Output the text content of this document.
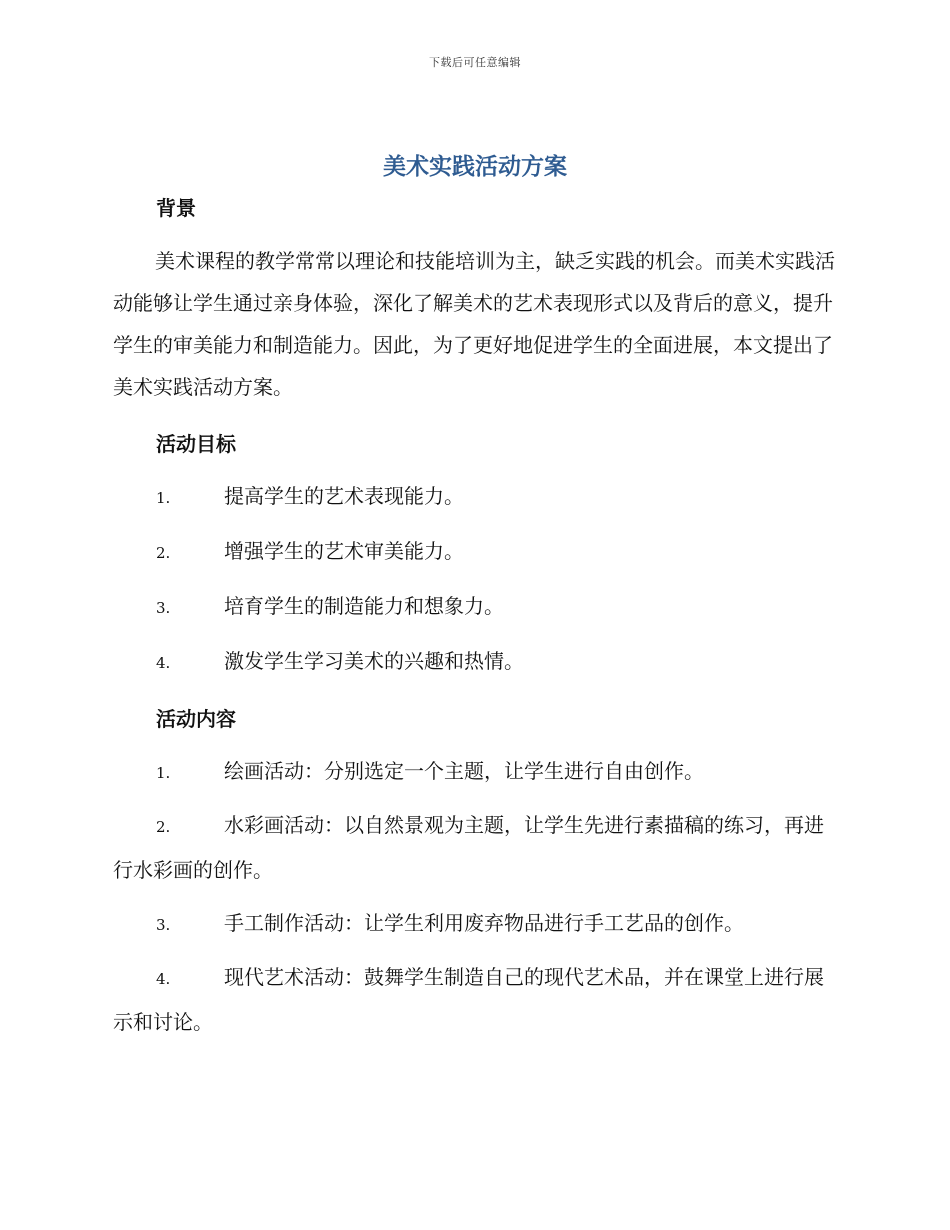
下载后可任意编辑
美术实践活动方案
背景
美术课程的教学常常以理论和技能培训为主，缺乏实践的机会。而美术实践活动能够让学生通过亲身体验，深化了解美术的艺术表现形式以及背后的意义，提升学生的审美能力和制造能力。因此，为了更好地促进学生的全面进展，本文提出了美术实践活动方案。
活动目标
1.	提高学生的艺术表现能力。
2.	增强学生的艺术审美能力。
3.	培育学生的制造能力和想象力。
4.	激发学生学习美术的兴趣和热情。
活动内容
1.	绘画活动：分别选定一个主题，让学生进行自由创作。
2.	水彩画活动：以自然景观为主题，让学生先进行素描稿的练习，再进行水彩画的创作。
3.	手工制作活动：让学生利用废弃物品进行手工艺品的创作。
4.	现代艺术活动：鼓舞学生制造自己的现代艺术品，并在课堂上进行展示和讨论。
